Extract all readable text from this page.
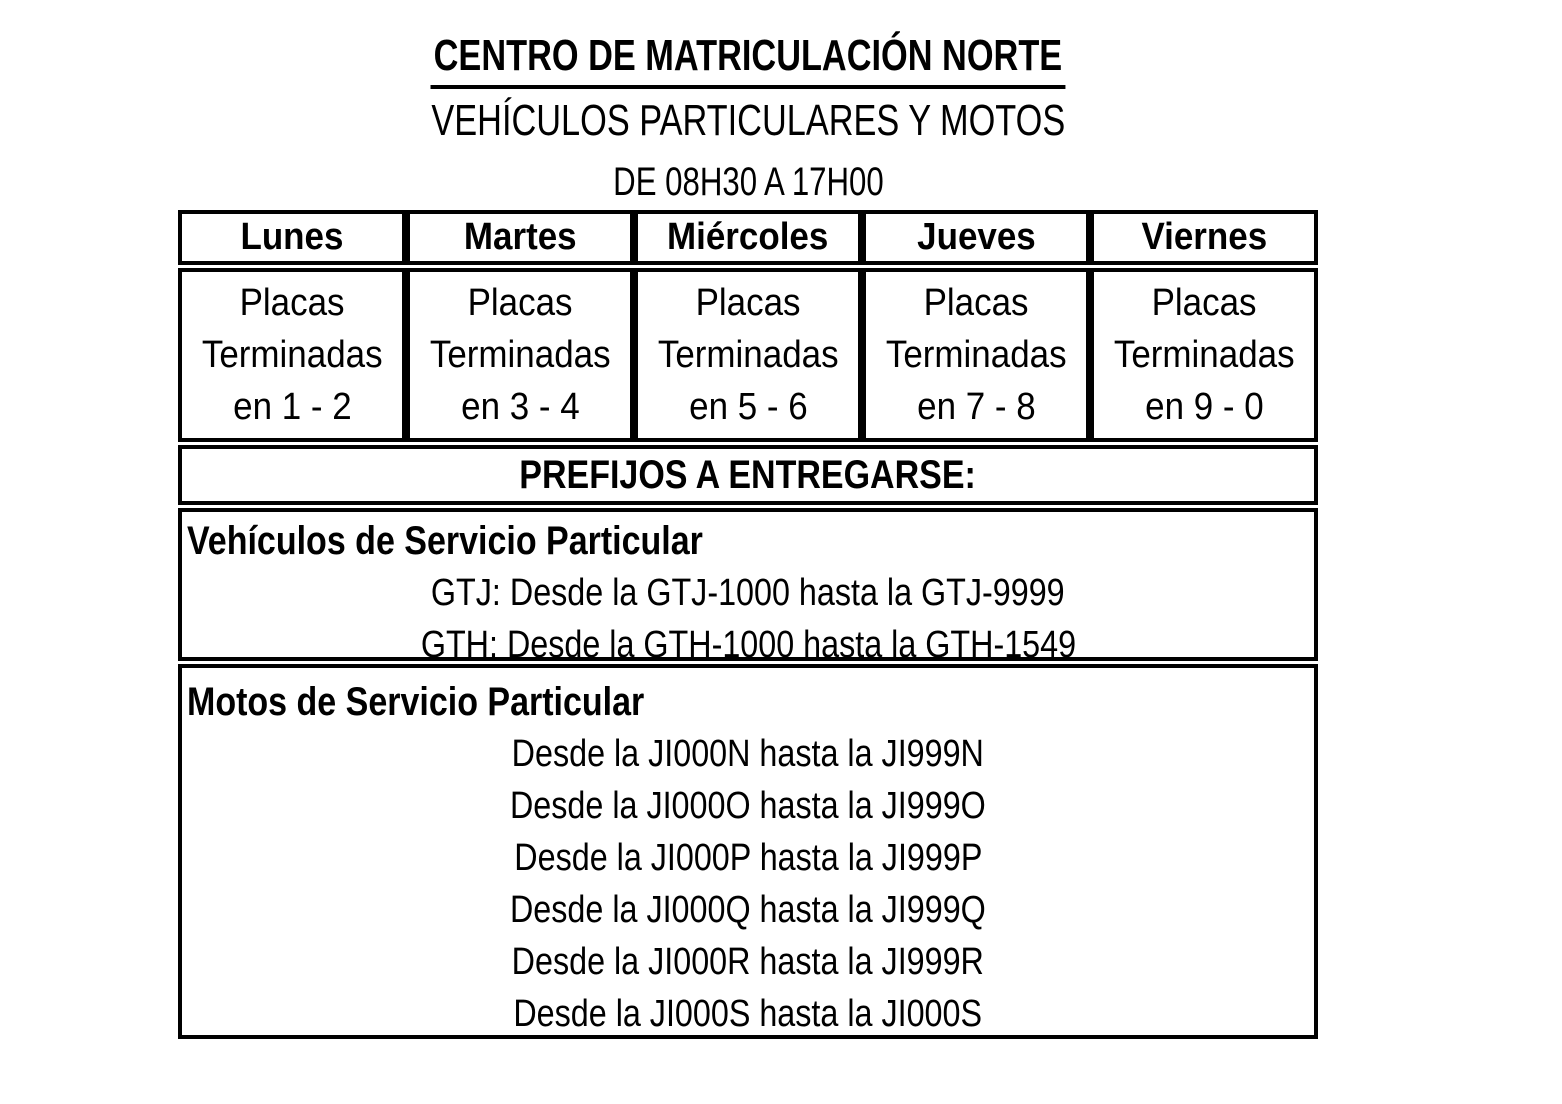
CENTRO DE MATRICULACIÓN NORTE
VEHÍCULOS PARTICULARES Y MOTOS
DE 08H30 A 17H00
Lunes	Martes Miércoles Jueves	Viernes
Placas
Terminadas
en 1 - 2
Placas
Terminadas
en 3 - 4
Placas
Terminadas
en 5 - 6
Placas
Terminadas
en 7 - 8
Placas
Terminadas
en 9 - 0
PREFIJOS A ENTREGARSE:
Vehículos de Servicio Particular
GTJ: Desde la GTJ-1000 hasta la GTJ-9999
GTH: Desde la GTH-1000 hasta la GTH-1549
Motos de Servicio Particular
Desde la JI000N hasta la JI999N
Desde la JI000O hasta la JI999O
Desde la JI000P hasta la JI999P
Desde la JI000Q hasta la JI999Q
Desde la JI000R hasta la JI999R
Desde la JI000S hasta la JI000S
